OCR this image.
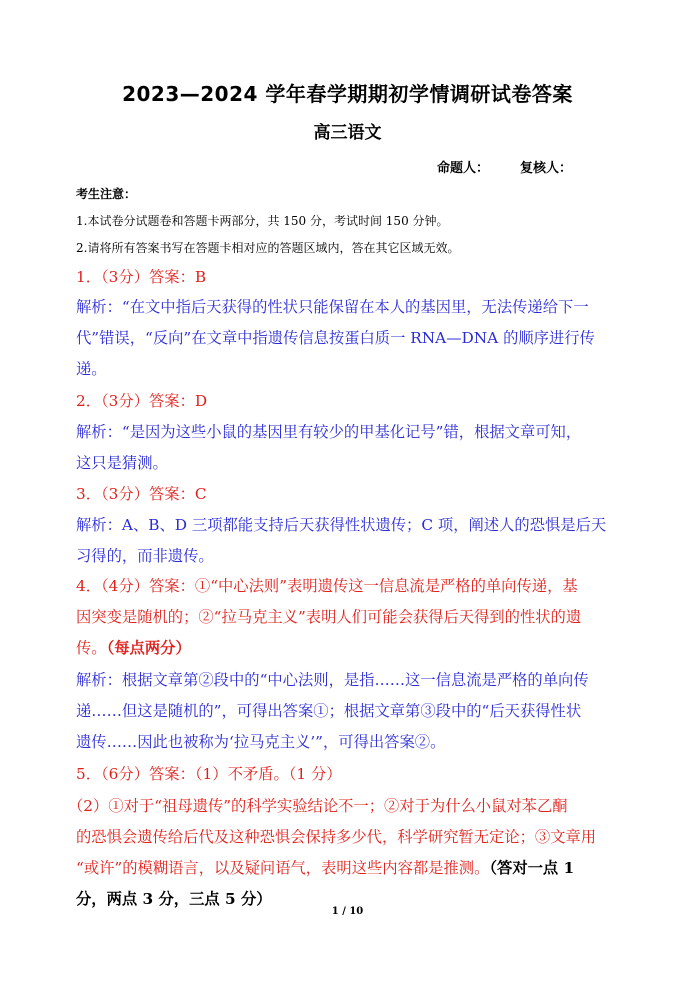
2023—2024 学年春学期期初学情调研试卷答案
高三语文
命题人： 复核人：
考生注意：
1.本试卷分试题卷和答题卡两部分，共 150 分，考试时间 150 分钟。
2.请将所有答案书写在答题卡相对应的答题区域内，答在其它区域无效。
1．（3分）答案：B
解析：“在文中指后天获得的性状只能保留在本人的基因里，无法传递给下一
代”错误，“反向”在文章中指遗传信息按蛋白质一 RNA—DNA 的顺序进行传
递。
2．（3分）答案：D
解析：“是因为这些小鼠的基因里有较少的甲基化记号”错，根据文章可知，
这只是猜测。
3．（3分）答案：C
解析：A、B、D 三项都能支持后天获得性状遗传；C 项，阐述人的恐惧是后天
习得的，而非遗传。
4．（4分）答案：①“中心法则”表明遗传这一信息流是严格的单向传递，基
因突变是随机的；②“拉马克主义”表明人们可能会获得后天得到的性状的遗
传。（每点两分）
解析：根据文章第②段中的“中心法则，是指……这一信息流是严格的单向传
递……但这是随机的”，可得出答案①；根据文章第③段中的“后天获得性状
遗传……因此也被称为‘拉马克主义’”，可得出答案②。
5．（6分）答案：（1）不矛盾。（1 分）
（2）①对于“祖母遗传”的科学实验结论不一；②对于为什么小鼠对苯乙酮
的恐惧会遗传给后代及这种恐惧会保持多少代，科学研究暂无定论；③文章用
“或许”的模糊语言，以及疑问语气，表明这些内容都是推测。（答对一点 1
分，两点 3 分，三点 5 分）
1 / 10
